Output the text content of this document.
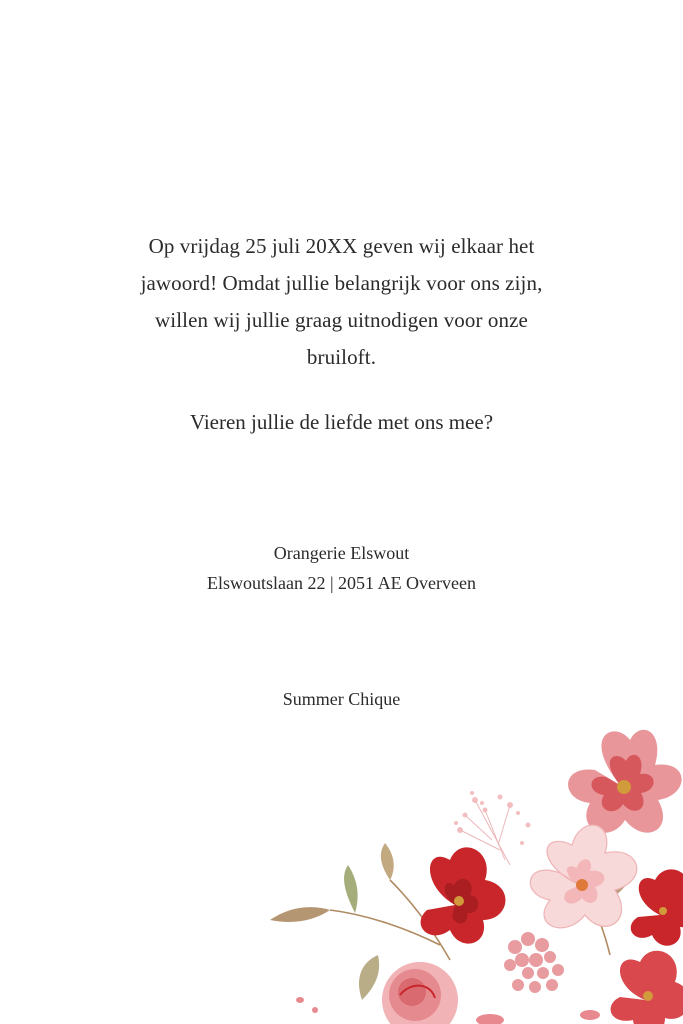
Op vrijdag 25 juli 20XX geven wij elkaar het

jawoord! Omdat jullie belangrijk voor ons zijn,

willen wij jullie graag uitnodigen voor onze

bruiloft.

Vieren jullie de liefde met ons mee?
Orangerie Elswout
Elswoutslaan 22 | 2051 AE Overveen
Summer Chique
